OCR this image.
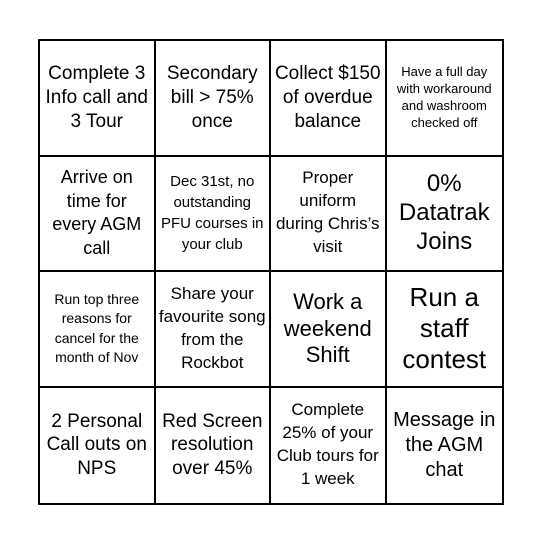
Complete 3 Info call and 3 Tour
Secondary bill > 75% once
Collect $150 of overdue balance
Have a full day with workaround and washroom checked off
Arrive on time for every AGM call
Dec 31st, no outstanding PFU courses in your club
Proper uniform during Chris’s visit
0% Datatrak Joins
Run top three reasons for cancel for the month of Nov
Share your favourite song from the Rockbot
Work a weekend Shift
Run a staff contest
2 Personal Call outs on NPS
Red Screen resolution over 45%
Complete 25% of your Club tours for 1 week
Message in the AGM chat
